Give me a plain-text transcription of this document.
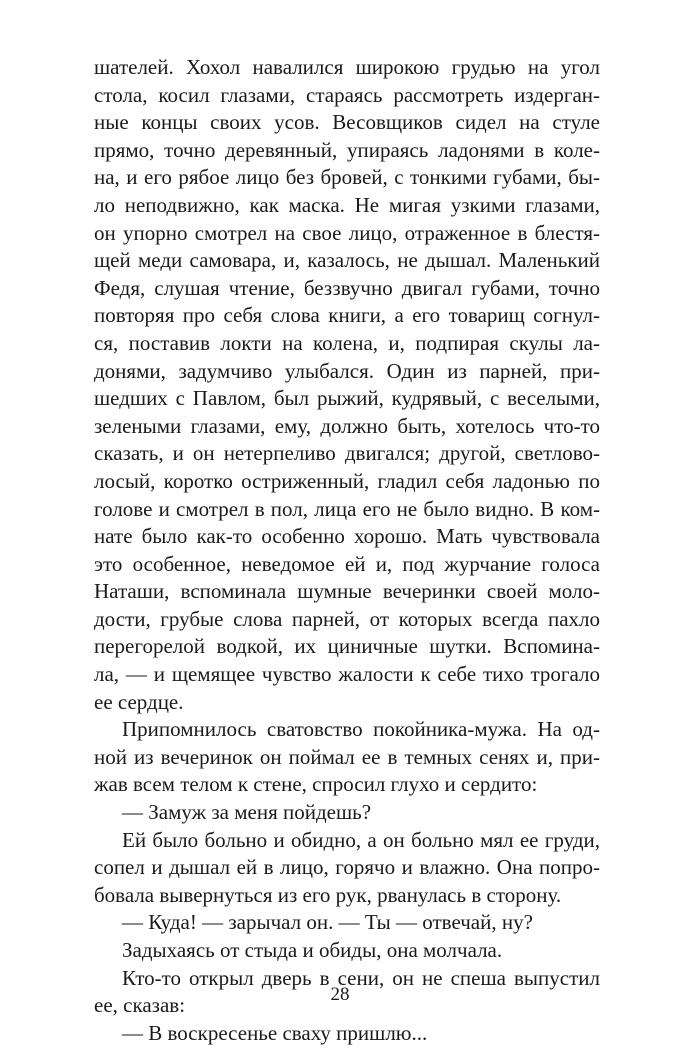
шателей. Хохол навалился широкою грудью на угол
стола, косил глазами, стараясь рассмотреть издерган-
ные концы своих усов. Весовщиков сидел на стуле
прямо, точно деревянный, упираясь ладонями в коле-
на, и его рябое лицо без бровей, с тонкими губами, бы-
ло неподвижно, как маска. Не мигая узкими глазами,
он упорно смотрел на свое лицо, отраженное в блестя-
щей меди самовара, и, казалось, не дышал. Маленький
Федя, слушая чтение, беззвучно двигал губами, точно
повторяя про себя слова книги, а его товарищ согнул-
ся, поставив локти на колена, и, подпирая скулы ла-
донями, задумчиво улыбался. Один из парней, при-
шедших с Павлом, был рыжий, кудрявый, с веселыми,
зелеными глазами, ему, должно быть, хотелось что-то
сказать, и он нетерпеливо двигался; другой, светлово-
лосый, коротко остриженный, гладил себя ладонью по
голове и смотрел в пол, лица его не было видно. В ком-
нате было как-то особенно хорошо. Мать чувствовала
это особенное, неведомое ей и, под журчание голоса
Наташи, вспоминала шумные вечеринки своей моло-
дости, грубые слова парней, от которых всегда пахло
перегорелой водкой, их циничные шутки. Вспомина-
ла, — и щемящее чувство жалости к себе тихо трогало
ее сердце.
Припомнилось сватовство покойника-мужа. На од-
ной из вечеринок он поймал ее в темных сенях и, при-
жав всем телом к стене, спросил глухо и сердито:
— Замуж за меня пойдешь?
Ей было больно и обидно, а он больно мял ее груди,
сопел и дышал ей в лицо, горячо и влажно. Она попро-
бовала вывернуться из его рук, рванулась в сторону.
— Куда! — зарычал он. — Ты — отвечай, ну?
Задыхаясь от стыда и обиды, она молчала.
Кто-то открыл дверь в сени, он не спеша выпустил
ее, сказав:
— В воскресенье сваху пришлю...
28
